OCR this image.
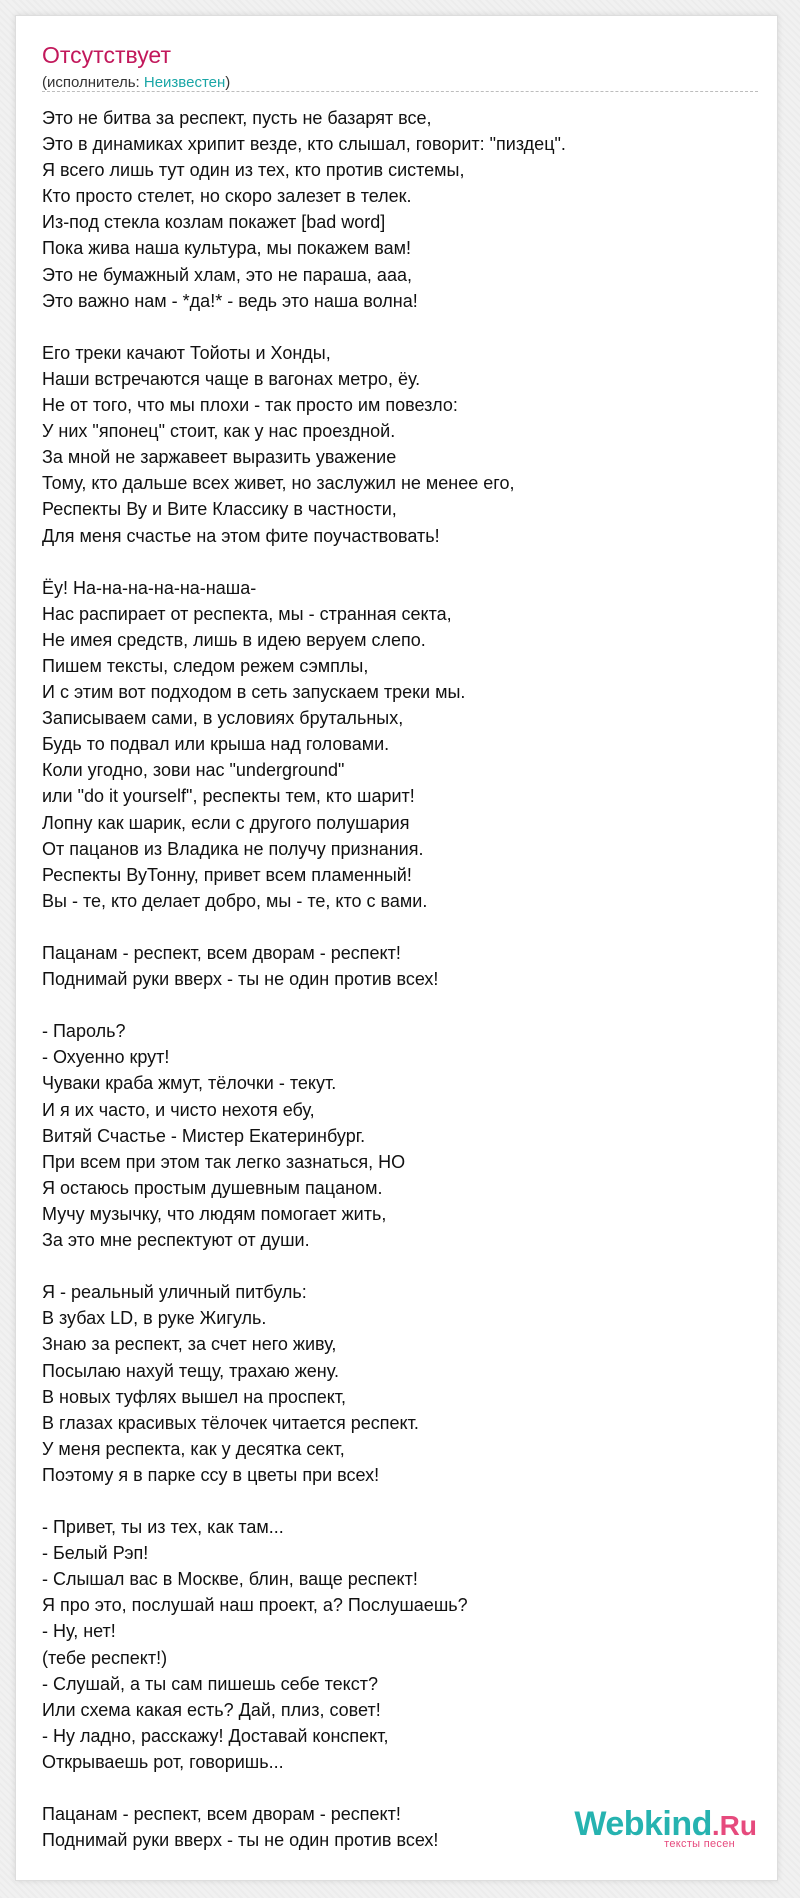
Отсутствует
(исполнитель: Неизвестен)
Это не битва за респект, пусть не базарят все,
Это в динамиках хрипит везде, кто слышал, говорит: "пиздец".
Я всего лишь тут один из тех, кто против системы,
Кто просто стелет, но скоро залезет в телек.
Из-под стекла козлам покажет [bad word]
Пока жива наша культура, мы покажем вам!
Это не бумажный хлам, это не параша, ааа,
Это важно нам - *да!* - ведь это наша волна!

Его треки качают Тойоты и Хонды,
Наши встречаются чаще в вагонах метро, ёу.
Не от того, что мы плохи - так просто им повезло:
У них "японец" стоит, как у нас проездной.
За мной не заржавеет выразить уважение
Тому, кто дальше всех живет, но заслужил не менее его,
Респекты Ву и Вите Классику в частности,
Для меня счастье на этом фите поучаствовать!

Ёу! На-на-на-на-на-наша-
Нас распирает от респекта, мы - странная секта,
Не имея средств, лишь в идею веруем слепо.
Пишем тексты, следом режем сэмплы,
И с этим вот подходом в сеть запускаем треки мы.
Записываем сами, в условиях брутальных,
Будь то подвал или крыша над головами.
Коли угодно, зови нас "underground"
или "do it yourself", респекты тем, кто шарит!
Лопну как шарик, если с другого полушария
От пацанов из Владика не получу признания.
Респекты ВуТонну, привет всем пламенный!
Вы - те, кто делает добро, мы - те, кто с вами.

Пацанам - респект, всем дворам - респект!
Поднимай руки вверх - ты не один против всех!

- Пароль?
- Охуенно крут!
Чуваки краба жмут, тёлочки - текут.
И я их часто, и чисто нехотя ебу,
Витяй Счастье - Мистер Екатеринбург.
При всем при этом так легко зазнаться, НО
Я остаюсь простым душевным пацаном.
Мучу музычку, что людям помогает жить,
За это мне респектуют от души.

Я - реальный уличный питбуль:
В зубах LD, в руке Жигуль.
Знаю за респект, за счет него живу,
Посылаю нахуй тещу, трахаю жену.
В новых туфлях вышел на проспект,
В глазах красивых тёлочек читается респект.
У меня респекта, как у десятка сект,
Поэтому я в парке ссу в цветы при всех!

- Привет, ты из тех, как там...
- Белый Рэп!
- Слышал вас в Москве, блин, ваще респект!
Я про это, послушай наш проект, а? Послушаешь?
- Ну, нет!
(тебе респект!)
- Слушай, а ты сам пишешь себе текст?
Или схема какая есть? Дай, плиз, совет!
- Ну ладно, расскажу! Доставай конспект,
Открываешь рот, говоришь...

Пацанам - респект, всем дворам - респект!
Поднимай руки вверх - ты не один против всех!	Webkind.Ru
тексты песен
